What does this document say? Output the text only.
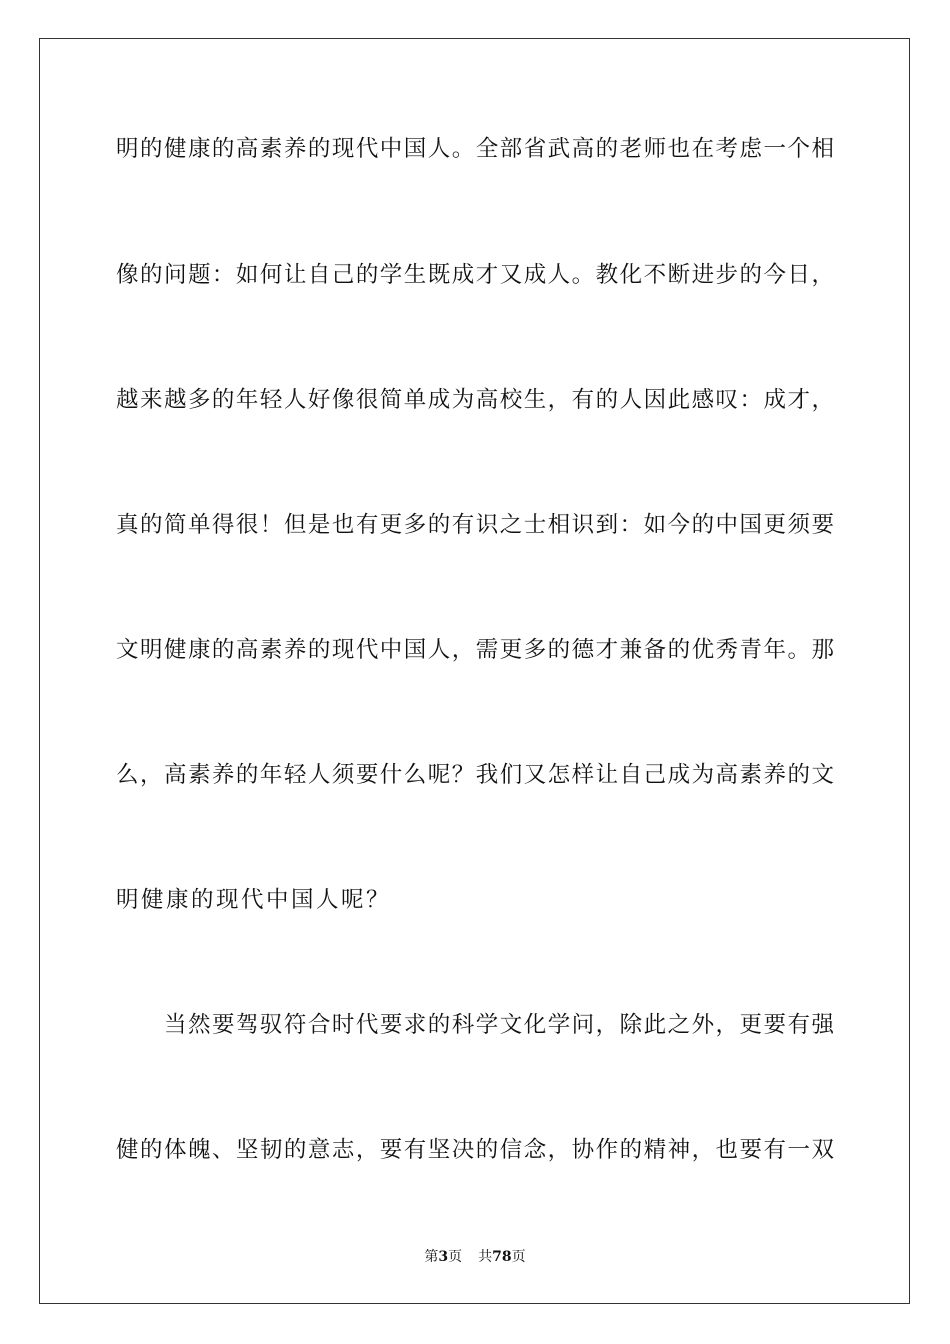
明的健康的高素养的现代中国人。全部省武高的老师也在考虑一个相
像的问题：如何让自己的学生既成才又成人。教化不断进步的今日，
越来越多的年轻人好像很简单成为高校生，有的人因此感叹：成才，
真的简单得很！但是也有更多的有识之士相识到：如今的中国更须要
文明健康的高素养的现代中国人，需更多的德才兼备的优秀青年。那
么，高素养的年轻人须要什么呢？我们又怎样让自己成为高素养的文
明健康的现代中国人呢？
当然要驾驭符合时代要求的科学文化学问，除此之外，更要有强
健的体魄、坚韧的意志，要有坚决的信念，协作的精神，也要有一双
第3页 共78页
